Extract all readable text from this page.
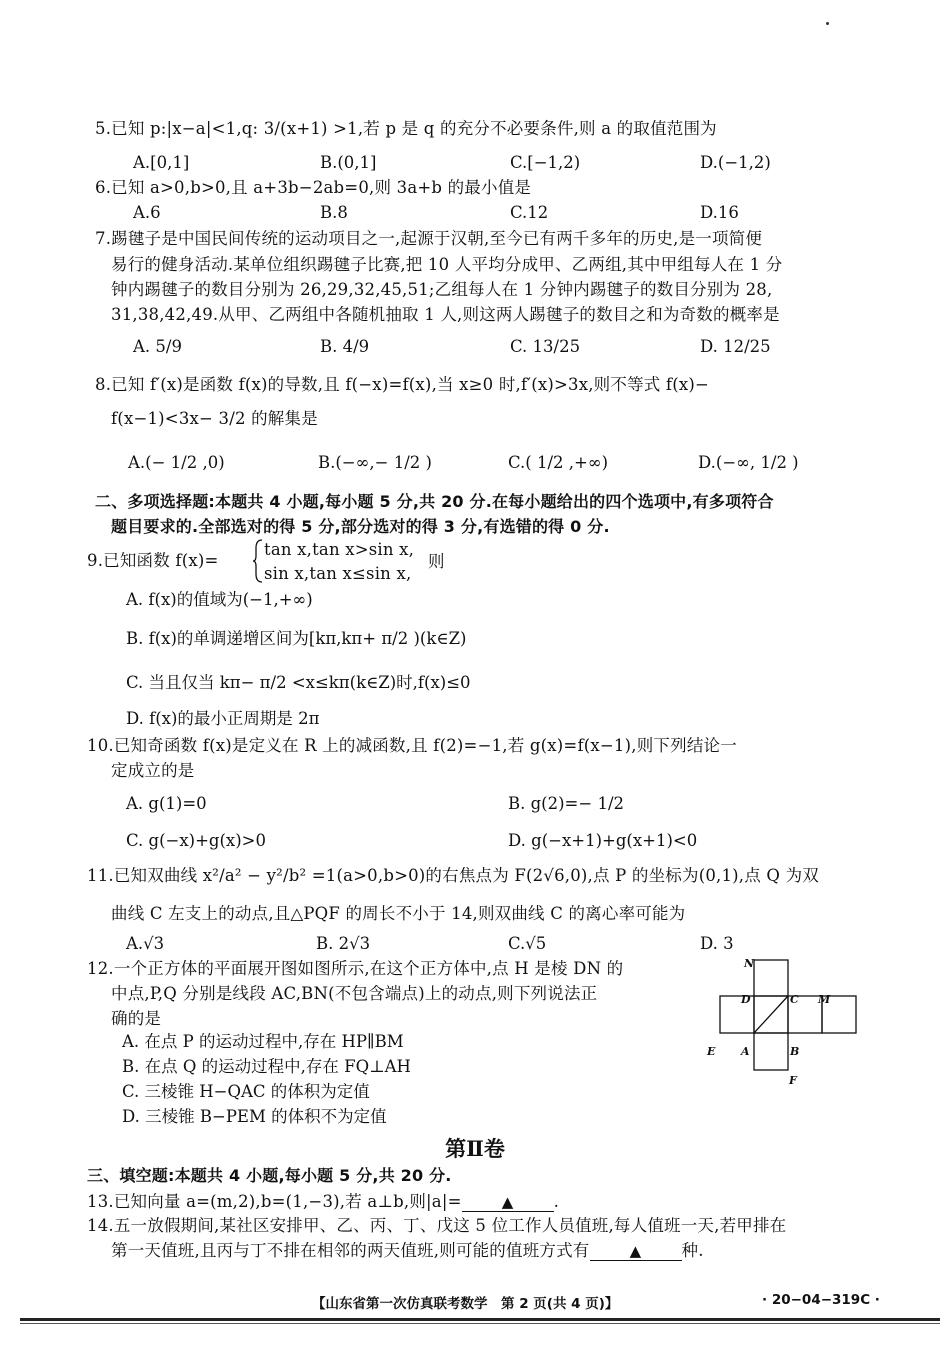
5.已知 p:|x−a|<1,q: 3/(x+1) >1,若 p 是 q 的充分不必要条件,则 a 的取值范围为
A.[0,1]	B.(0,1]	C.[−1,2)	D.(−1,2)
6.已知 a>0,b>0,且 a+3b−2ab=0,则 3a+b 的最小值是
A.6	B.8	C.12	D.16
7.踢毽子是中国民间传统的运动项目之一,起源于汉朝,至今已有两千多年的历史,是一项简便
易行的健身活动.某单位组织踢毽子比赛,把 10 人平均分成甲、乙两组,其中甲组每人在 1 分
钟内踢毽子的数目分别为 26,29,32,45,51;乙组每人在 1 分钟内踢毽子的数目分别为 28,
31,38,42,49.从甲、乙两组中各随机抽取 1 人,则这两人踢毽子的数目之和为奇数的概率是
A. 5/9	B. 4/9	C. 13/25	D. 12/25
8.已知 f′(x)是函数 f(x)的导数,且 f(−x)=f(x),当 x≥0 时,f′(x)>3x,则不等式 f(x)−
f(x−1)<3x− 3/2 的解集是
A.(− 1/2 ,0)	B.(−∞,− 1/2 )	C.( 1/2 ,+∞)	D.(−∞, 1/2 )
二、多项选择题:本题共 4 小题,每小题 5 分,共 20 分.在每小题给出的四个选项中,有多项符合
题目要求的.全部选对的得 5 分,部分选对的得 3 分,有选错的得 0 分.
9.已知函数 f(x)=
tan x,tan x>sin x,
sin x,tan x≤sin x,
则
A. f(x)的值域为(−1,+∞)
B. f(x)的单调递增区间为[kπ,kπ+ π/2 )(k∈Z)
C. 当且仅当 kπ− π/2 <x≤kπ(k∈Z)时,f(x)≤0
D. f(x)的最小正周期是 2π
10.已知奇函数 f(x)是定义在 R 上的减函数,且 f(2)=−1,若 g(x)=f(x−1),则下列结论一
定成立的是
A. g(1)=0	B. g(2)=− 1/2
C. g(−x)+g(x)>0	D. g(−x+1)+g(x+1)<0
11.已知双曲线 x²/a² − y²/b² =1(a>0,b>0)的右焦点为 F(2√6,0),点 P 的坐标为(0,1),点 Q 为双
曲线 C 左支上的动点,且△PQF 的周长不小于 14,则双曲线 C 的离心率可能为
A.√3	B. 2√3	C.√5	D. 3
12.一个正方体的平面展开图如图所示,在这个正方体中,点 H 是棱 DN 的
中点,P,Q 分别是线段 AC,BN(不包含端点)上的动点,则下列说法正
确的是
A. 在点 P 的运动过程中,存在 HP∥BM
B. 在点 Q 的运动过程中,存在 FQ⊥AH
C. 三棱锥 H−QAC 的体积为定值
D. 三棱锥 B−PEM 的体积不为定值
N
D	C M
E A	B
F
第Ⅱ卷
三、填空题:本题共 4 小题,每小题 5 分,共 20 分.
13.已知向量 a=(m,2),b=(1,−3),若 a⊥b,则|a|=	▲ .
14.五一放假期间,某社区安排甲、乙、丙、丁、戊这 5 位工作人员值班,每人值班一天,若甲排在
第一天值班,且丙与丁不排在相邻的两天值班,则可能的值班方式有	▲ 种.
【山东省第一次仿真联考数学　第 2 页(共 4 页)】	· 20−04−319C ·
